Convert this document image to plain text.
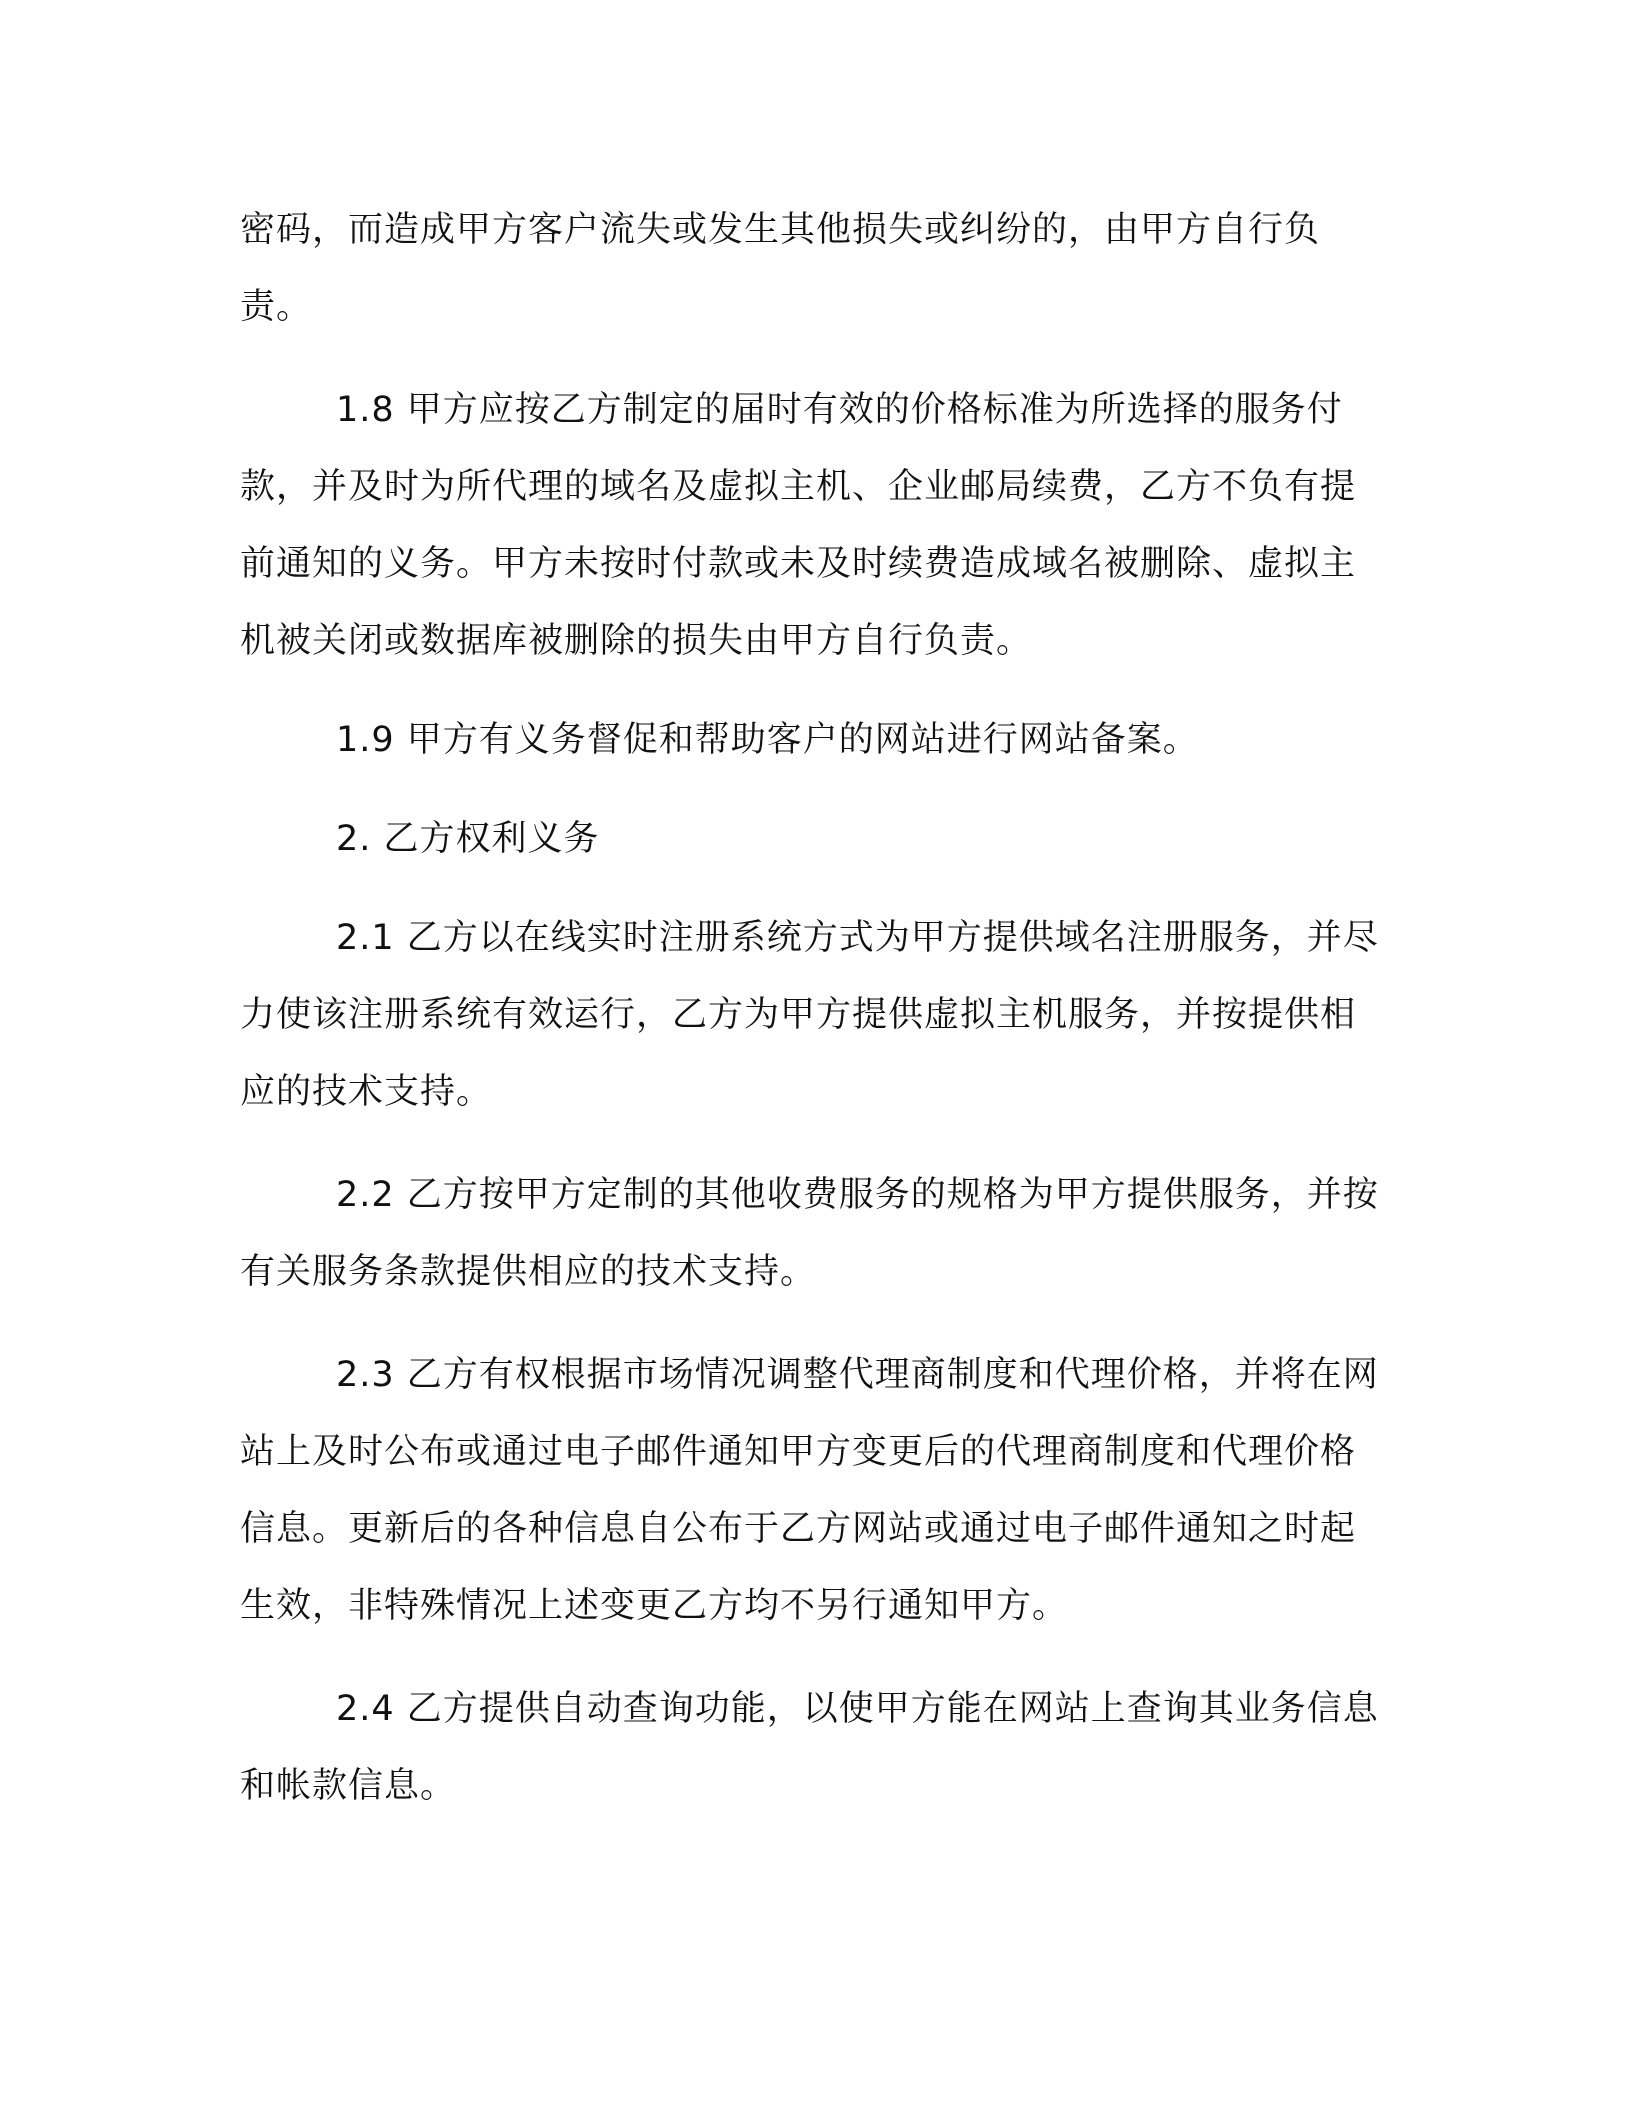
密码，而造成甲方客户流失或发生其他损失或纠纷的，由甲方自行负责。

1.8 甲方应按乙方制定的届时有效的价格标准为所选择的服务付款，并及时为所代理的域名及虚拟主机、企业邮局续费，乙方不负有提前通知的义务。甲方未按时付款或未及时续费造成域名被删除、虚拟主机被关闭或数据库被删除的损失由甲方自行负责。

1.9 甲方有义务督促和帮助客户的网站进行网站备案。

2. 乙方权利义务

2.1 乙方以在线实时注册系统方式为甲方提供域名注册服务，并尽力使该注册系统有效运行，乙方为甲方提供虚拟主机服务，并按提供相应的技术支持。

2.2 乙方按甲方定制的其他收费服务的规格为甲方提供服务，并按有关服务条款提供相应的技术支持。

2.3 乙方有权根据市场情况调整代理商制度和代理价格，并将在网站上及时公布或通过电子邮件通知甲方变更后的代理商制度和代理价格信息。更新后的各种信息自公布于乙方网站或通过电子邮件通知之时起生效，非特殊情况上述变更乙方均不另行通知甲方。

2.4 乙方提供自动查询功能，以使甲方能在网站上查询其业务信息和帐款信息。
